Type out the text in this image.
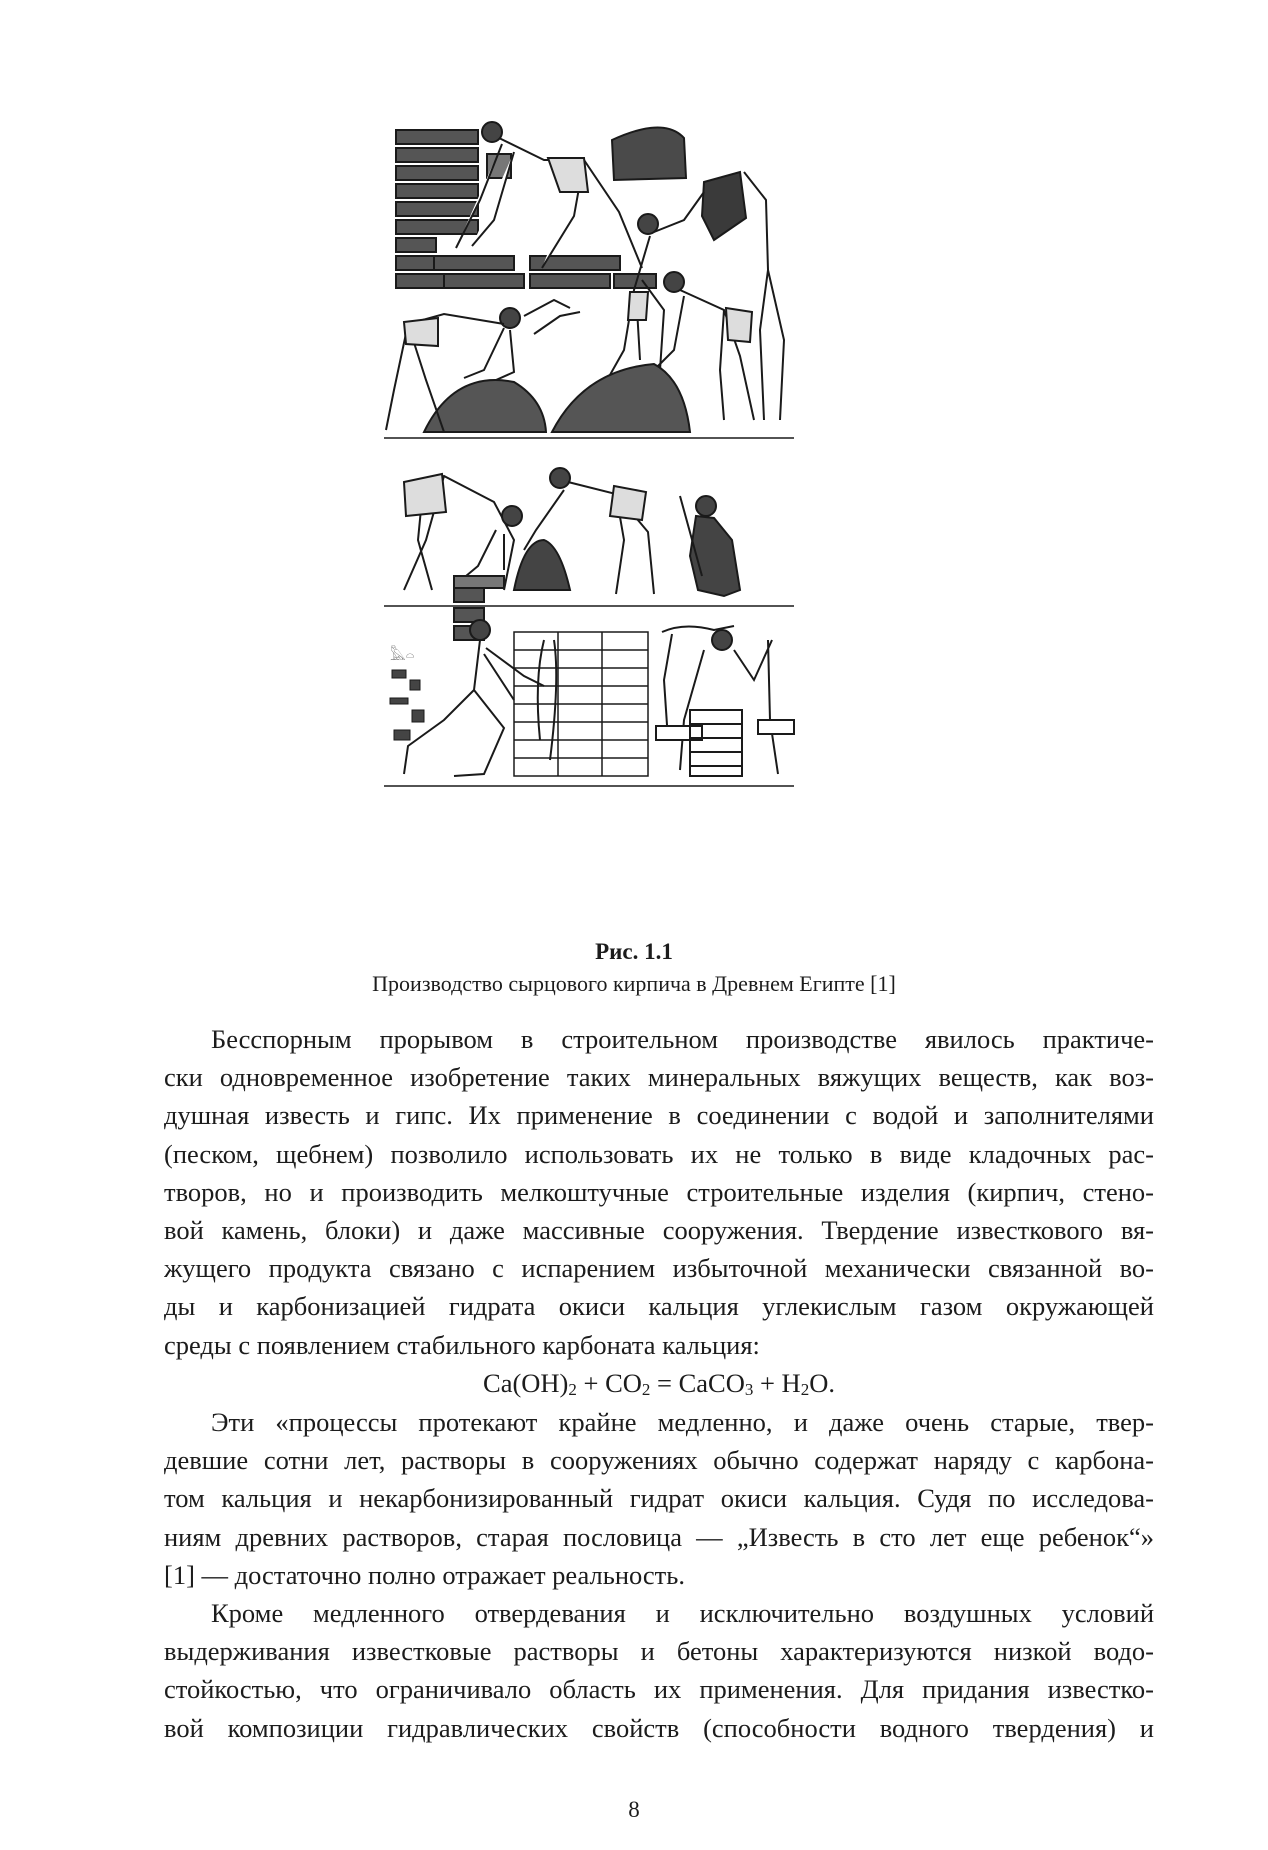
𓅓𓏏
Рис. 1.1
Производство сырцового кирпича в Древнем Египте [1]
Бесспорным прорывом в строительном производстве явилось практиче-
ски одновременное изобретение таких минеральных вяжущих веществ, как воз-
душная известь и гипс. Их применение в соединении с водой и заполнителями
(песком, щебнем) позволило использовать их не только в виде кладочных рас-
творов, но и производить мелкоштучные строительные изделия (кирпич, стено-
вой камень, блоки) и даже массивные сооружения. Твердение известкового вя-
жущего продукта связано с испарением избыточной механически связанной во-
ды и карбонизацией гидрата окиси кальция углекислым газом окружающей
среды с появлением стабильного карбоната кальция:
$Ca(OH)_2 + CO_2$ = CaCO$_3$ + $H_2O$.
Эти «процессы протекают крайне медленно, и даже очень старые, твер-
девшие сотни лет, растворы в сооружениях обычно содержат наряду с карбона-
том кальция и некарбонизированный гидрат окиси кальция. Судя по исследова-
ниям древних растворов, старая пословица — „Известь в сто лет еще ребенок“»
[1] — достаточно полно отражает реальность.
Кроме медленного отвердевания и исключительно воздушных условий
выдерживания известковые растворы и бетоны характеризуются низкой водо-
стойкостью, что ограничивало область их применения. Для придания известко-
вой композиции гидравлических свойств (способности водного твердения) и
8
